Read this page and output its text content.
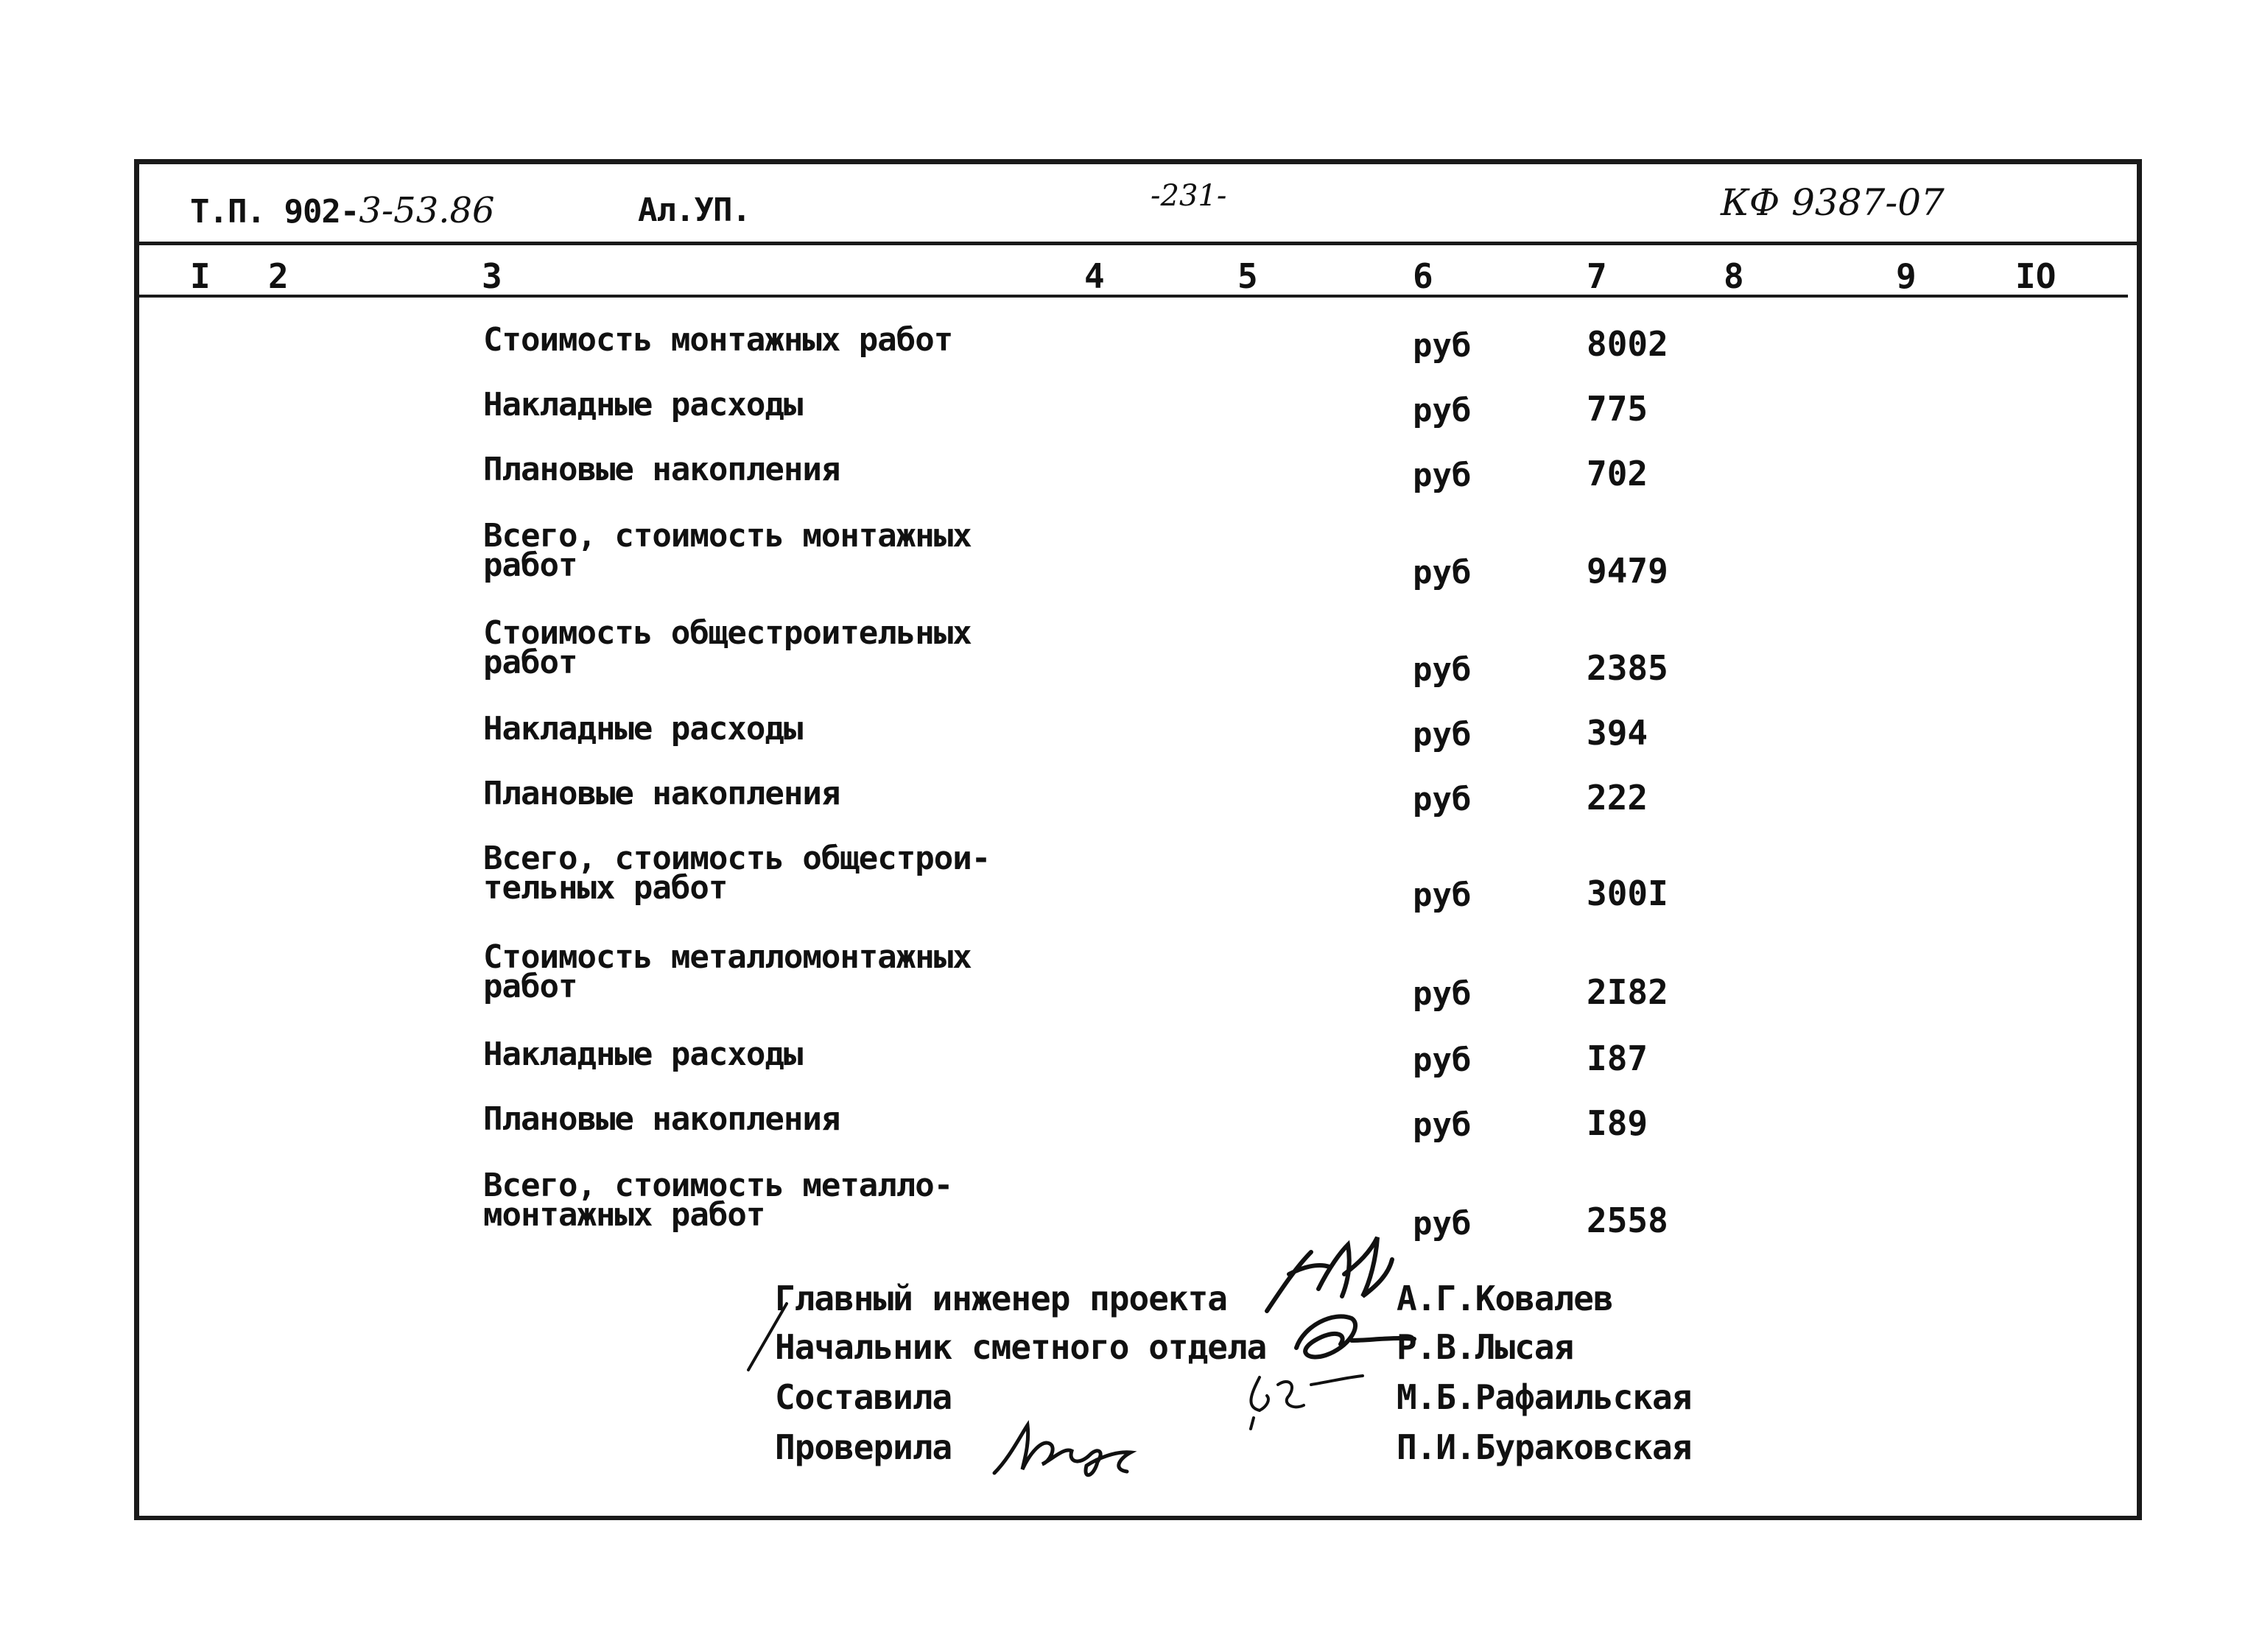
Т.П. 902-3-53.86	Ал.УП.	-231-	КФ 9387-07
I 2	3	4	5	6	7	8	9	IO
Стоимость монтажных работ	руб	8002
Накладные расходы	руб	775
Плановые накопления	руб	702
Всего, стоимость монтажных
работ	руб	9479
Стоимость общестроительных
работ	руб	2385
Накладные расходы	руб	394
Плановые накопления	руб	222
Всего, стоимость общестрои-
тельных работ	руб	300I
Стоимость металломонтажных
работ	руб	2I82
Накладные расходы	руб	I87
Плановые накопления	руб	I89
Всего, стоимость металло-
монтажных работ	руб	2558
Главный инженер проекта	А.Г.Ковалев
Начальник сметного отдела	Р.В.Лысая
Составила	М.Б.Рафаильская
Проверила	П.И.Бураковская
